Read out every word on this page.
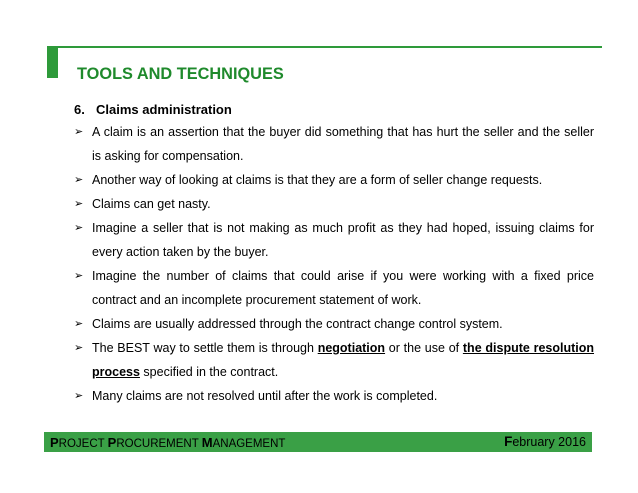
TOOLS AND TECHNIQUES
6. Claims administration
➢ A claim is an assertion that the buyer did something that has hurt the seller and the seller is asking for compensation.
➢ Another way of looking at claims is that they are a form of seller change requests.
➢ Claims can get nasty.
➢ Imagine a seller that is not making as much profit as they had hoped, issuing claims for every action taken by the buyer.
➢ Imagine the number of claims that could arise if you were working with a fixed price contract and an incomplete procurement statement of work.
➢ Claims are usually addressed through the contract change control system.
➢ The BEST way to settle them is through negotiation or the use of the dispute resolution process specified in the contract.
➢ Many claims are not resolved until after the work is completed.
PROJECT PROCUREMENT MANAGEMENT	February 2016
